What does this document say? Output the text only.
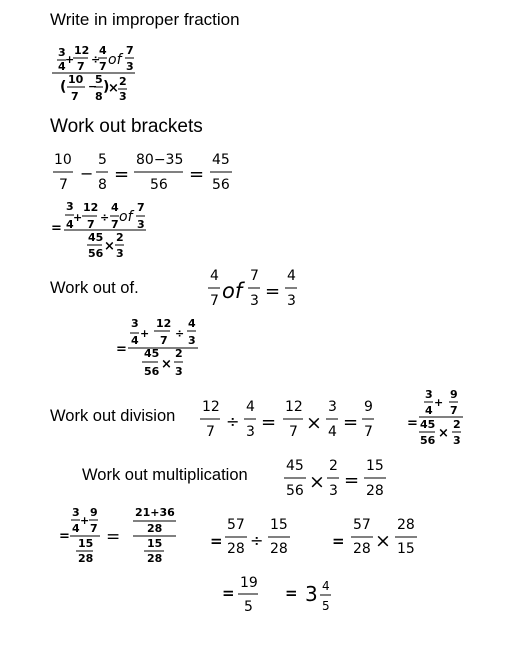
Write in improper fraction
Work out brackets
Work out of.
Work out division
Work out multiplication
3
4
+
12
7
÷
4
7 of
7
3
( 10
7
−
5
8
)
× 2
3
10
7
−
5
8 =
80−35
56 =
45
56
=
3
4
+
12
7
÷
4
7 of
7
3
45
56 ×
2
3
4
7 of
7
3 =
4
3
=
3
4
+
12
7
÷
4
3
45
56 ×
2
3
12
7
÷
4
3 =
12
7 ×
3
4 =
9
7
=
3
4
+
9
7
45
56 ×
2
3
45
56 ×
2
3 =
15
28
=
3
4
+
9
7
15
28
=
21+36
28
15
28
=
57
28 ÷
15
28	=
57
28 ×
28
15
=
19
5
= 3 4
5
